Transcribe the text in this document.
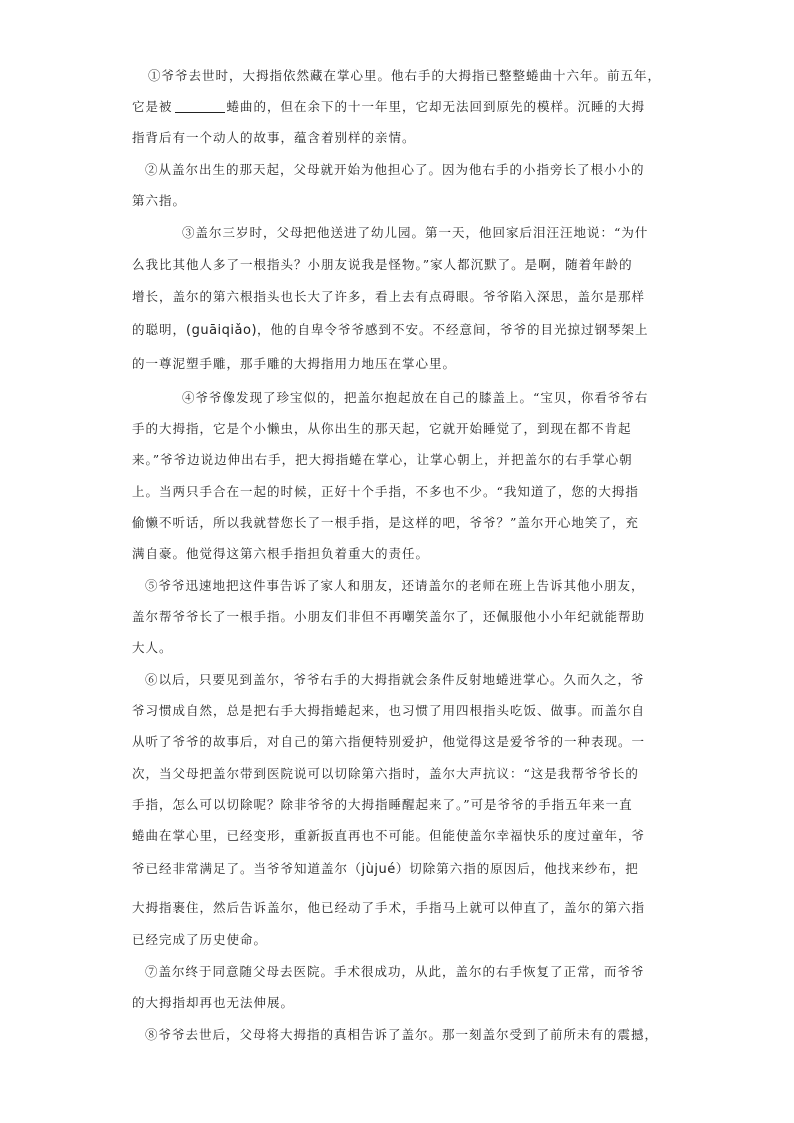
①爷爷去世时，大拇指依然藏在掌心里。他右手的大拇指已整整蜷曲十六年。前五年，
它是被	蜷曲的，但在余下的十一年里，它却无法回到原先的模样。沉睡的大拇
指背后有一个动人的故事，蕴含着别样的亲情。
②从盖尔出生的那天起，父母就开始为他担心了。因为他右手的小指旁长了根小小的
第六指。
③盖尔三岁时，父母把他送进了幼儿园。第一天，他回家后泪汪汪地说：“为什
么我比其他人多了一根指头？小朋友说我是怪物。”家人都沉默了。是啊，随着年龄的
增长，盖尔的第六根指头也长大了许多，看上去有点碍眼。爷爷陷入深思，盖尔是那样
的聪明，(guāiqiǎo)，他的自卑令爷爷感到不安。不经意间，爷爷的目光掠过钢琴架上
的一尊泥塑手雕，那手雕的大拇指用力地压在掌心里。
④爷爷像发现了珍宝似的，把盖尔抱起放在自己的膝盖上。“宝贝，你看爷爷右
手的大拇指，它是个小懒虫，从你出生的那天起，它就开始睡觉了，到现在都不肯起
来。”爷爷边说边伸出右手，把大拇指蜷在掌心，让掌心朝上，并把盖尔的右手掌心朝
上。当两只手合在一起的时候，正好十个手指，不多也不少。“我知道了，您的大拇指
偷懒不听话，所以我就替您长了一根手指，是这样的吧，爷爷？”盖尔开心地笑了，充
满自豪。他觉得这第六根手指担负着重大的责任。
⑤爷爷迅速地把这件事告诉了家人和朋友，还请盖尔的老师在班上告诉其他小朋友，
盖尔帮爷爷长了一根手指。小朋友们非但不再嘲笑盖尔了，还佩服他小小年纪就能帮助
大人。
⑥以后，只要见到盖尔，爷爷右手的大拇指就会条件反射地蜷进掌心。久而久之，爷
爷习惯成自然，总是把右手大拇指蜷起来，也习惯了用四根指头吃饭、做事。而盖尔自
从听了爷爷的故事后，对自己的第六指便特别爱护，他觉得这是爱爷爷的一种表现。一
次，当父母把盖尔带到医院说可以切除第六指时，盖尔大声抗议：“这是我帮爷爷长的
手指，怎么可以切除呢？除非爷爷的大拇指睡醒起来了。”可是爷爷的手指五年来一直
蜷曲在掌心里，已经变形，重新扳直再也不可能。但能使盖尔幸福快乐的度过童年，爷
爷已经非常满足了。当爷爷知道盖尔（jùjué）切除第六指的原因后，他找来纱布，把
大拇指裹住，然后告诉盖尔，他已经动了手术，手指马上就可以伸直了，盖尔的第六指
已经完成了历史使命。
⑦盖尔终于同意随父母去医院。手术很成功，从此，盖尔的右手恢复了正常，而爷爷
的大拇指却再也无法伸展。
⑧爷爷去世后，父母将大拇指的真相告诉了盖尔。那一刻盖尔受到了前所未有的震撼，
